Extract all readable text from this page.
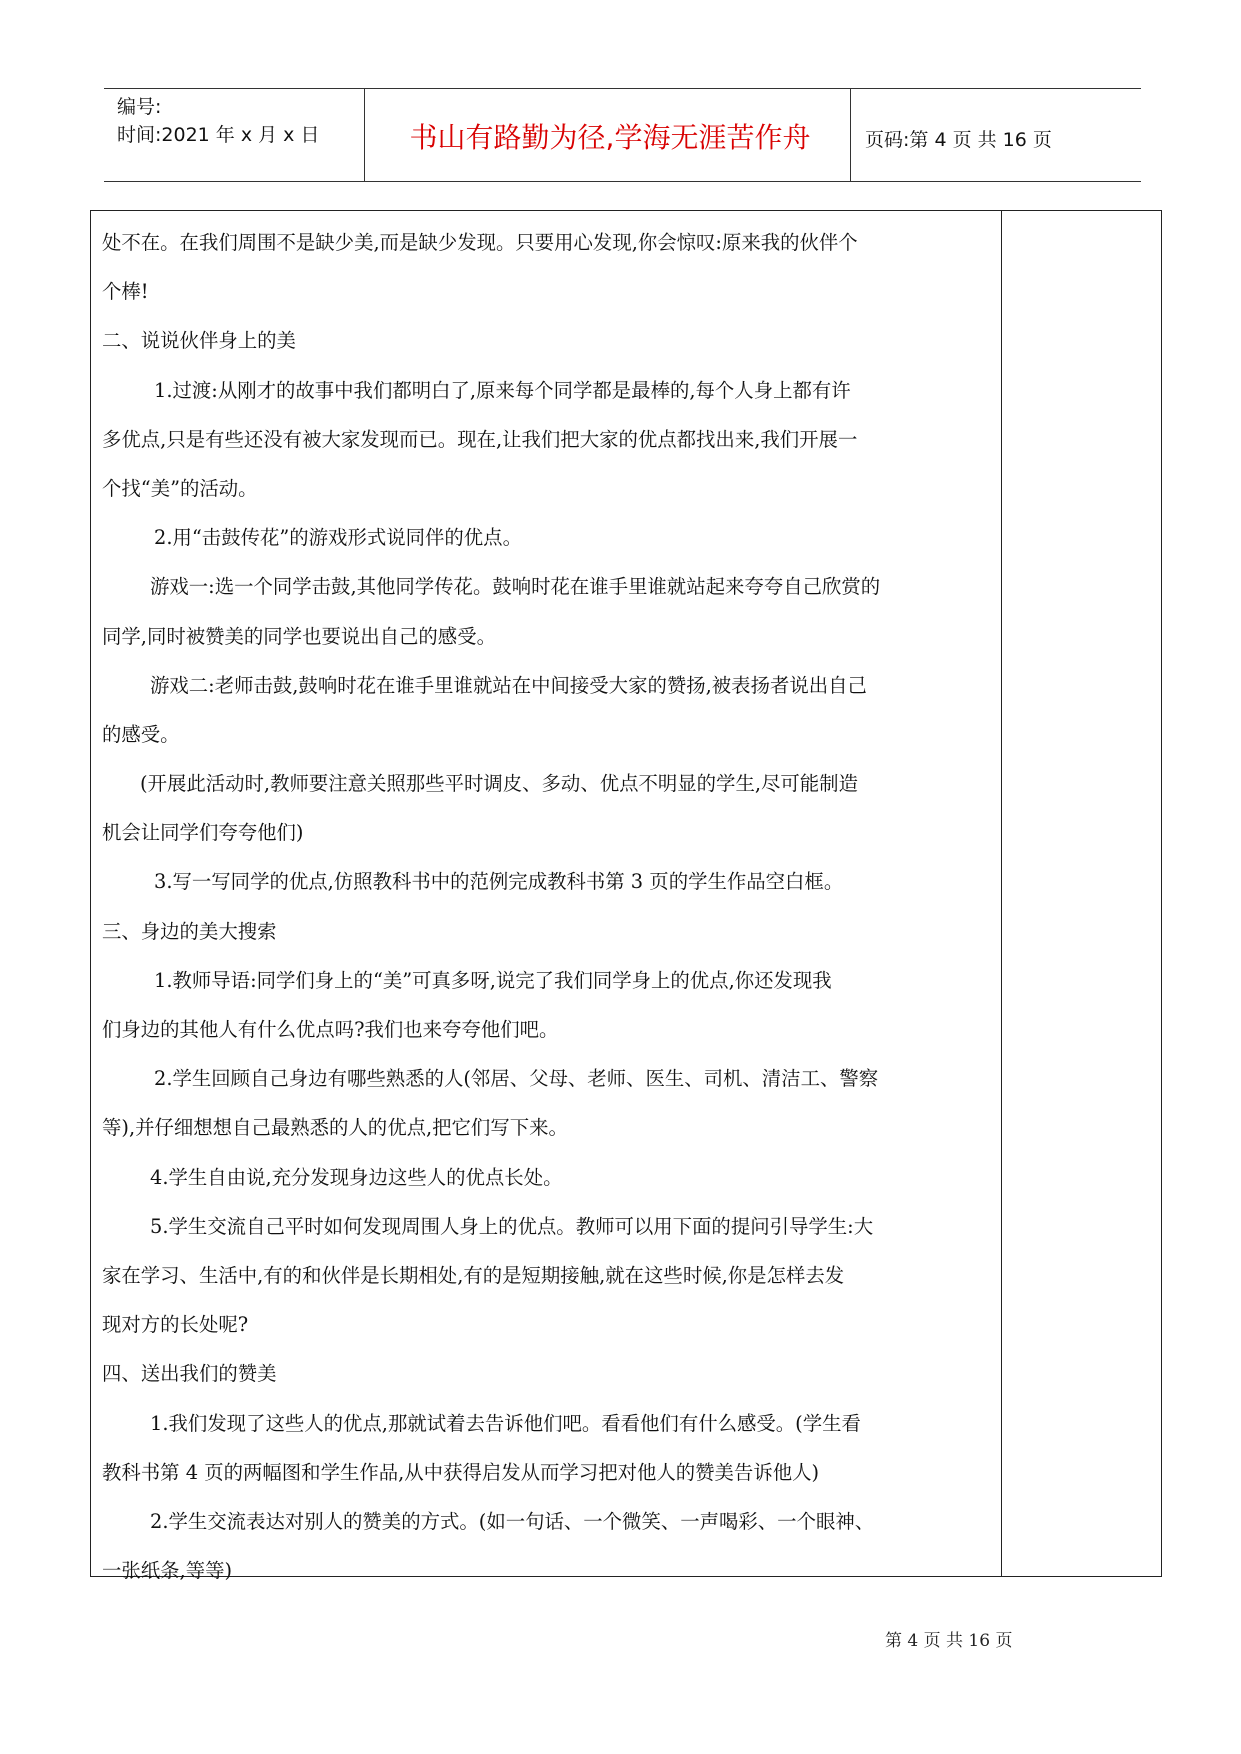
编号:
时间:2021 年 x 月 x 日	书山有路勤为径,学海无涯苦作舟	页码:第 4 页 共 16 页
处不在。在我们周围不是缺少美,而是缺少发现。只要用心发现,你会惊叹:原来我的伙伴个
个棒!
二、说说伙伴身上的美
1.过渡:从刚才的故事中我们都明白了,原来每个同学都是最棒的,每个人身上都有许
多优点,只是有些还没有被大家发现而已。现在,让我们把大家的优点都找出来,我们开展一
个找“美”的活动。
2.用“击鼓传花”的游戏形式说同伴的优点。
游戏一:选一个同学击鼓,其他同学传花。鼓响时花在谁手里谁就站起来夸夸自己欣赏的
同学,同时被赞美的同学也要说出自己的感受。
游戏二:老师击鼓,鼓响时花在谁手里谁就站在中间接受大家的赞扬,被表扬者说出自己
的感受。
(开展此活动时,教师要注意关照那些平时调皮、多动、优点不明显的学生,尽可能制造
机会让同学们夸夸他们)
3.写一写同学的优点,仿照教科书中的范例完成教科书第 3 页的学生作品空白框。
三、身边的美大搜索
1.教师导语:同学们身上的“美”可真多呀,说完了我们同学身上的优点,你还发现我
们身边的其他人有什么优点吗?我们也来夸夸他们吧。
2.学生回顾自己身边有哪些熟悉的人(邻居、父母、老师、医生、司机、清洁工、警察
等),并仔细想想自己最熟悉的人的优点,把它们写下来。
4.学生自由说,充分发现身边这些人的优点长处。
5.学生交流自己平时如何发现周围人身上的优点。教师可以用下面的提问引导学生:大
家在学习、生活中,有的和伙伴是长期相处,有的是短期接触,就在这些时候,你是怎样去发
现对方的长处呢?
四、送出我们的赞美
1.我们发现了这些人的优点,那就试着去告诉他们吧。看看他们有什么感受。(学生看
教科书第 4 页的两幅图和学生作品,从中获得启发从而学习把对他人的赞美告诉他人)
2.学生交流表达对别人的赞美的方式。(如一句话、一个微笑、一声喝彩、一个眼神、
一张纸条,等等)
第 4 页 共 16 页
